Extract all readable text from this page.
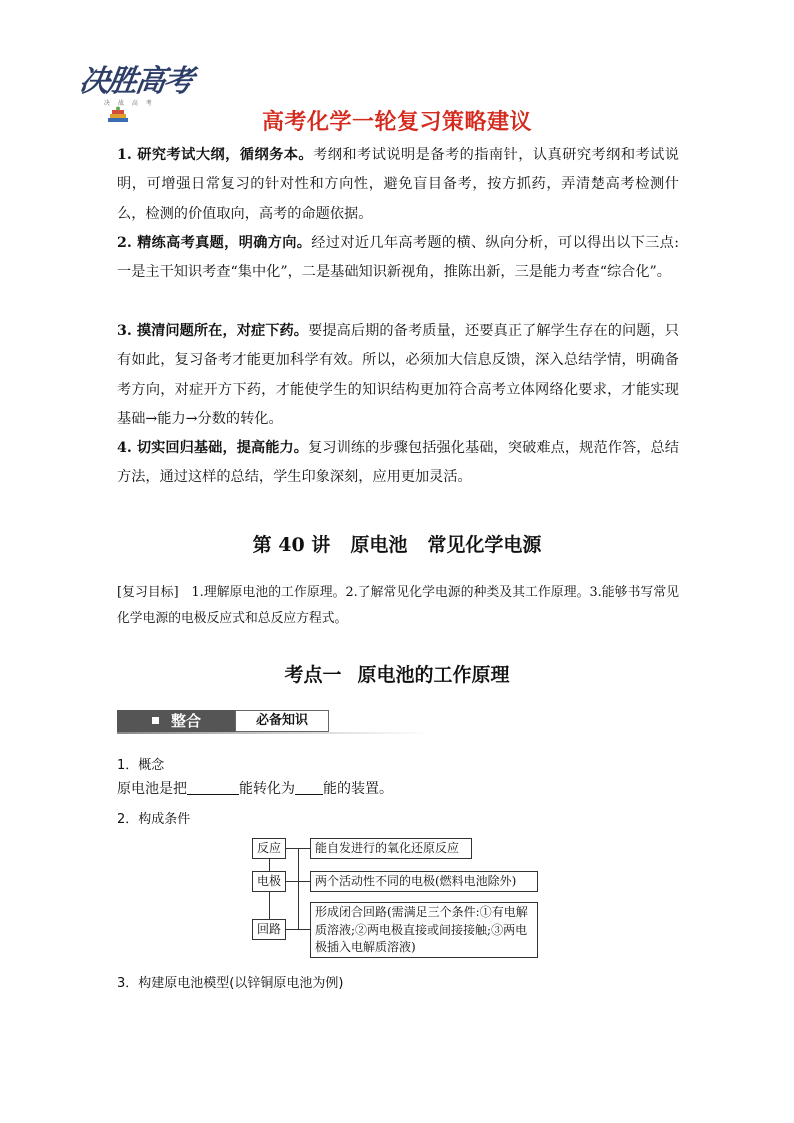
决胜高考
决 战 高 考
高考化学一轮复习策略建议

1. 研究考试大纲，循纲务本。考纲和考试说明是备考的指南针，认真研究考纲和考试说明，可增强日常复习的针对性和方向性，避免盲目备考，按方抓药，弄清楚高考检测什么，检测的价值取向，高考的命题依据。

2. 精练高考真题，明确方向。经过对近几年高考题的横、纵向分析，可以得出以下三点:一是主干知识考查“集中化”，二是基础知识新视角，推陈出新，三是能力考查“综合化”。

3. 摸清问题所在，对症下药。要提高后期的备考质量，还要真正了解学生存在的问题，只有如此，复习备考才能更加科学有效。所以，必须加大信息反馈，深入总结学情，明确备考方向，对症开方下药，才能使学生的知识结构更加符合高考立体网络化要求，才能实现基础→能力→分数的转化。

4. 切实回归基础，提高能力。复习训练的步骤包括强化基础，突破难点，规范作答，总结方法，通过这样的总结，学生印象深刻，应用更加灵活。

第 40 讲 原电池 常见化学电源

[复习目标]　1.理解原电池的工作原理。2.了解常见化学电源的种类及其工作原理。3.能够书写常见化学电源的电极反应式和总反应方程式。

考点一 原电池的工作原理
整合	必备知识
1．概念
原电池是把	能转化为 能的装置。
2．构成条件
反应
电极
回路
能自发进行的氧化还原反应
两个活动性不同的电极(燃料电池除外)
形成闭合回路(需满足三个条件:①有电解质溶液;②两电极直接或间接接触;③两电极插入电解质溶液)
3．构建原电池模型(以锌铜原电池为例)
